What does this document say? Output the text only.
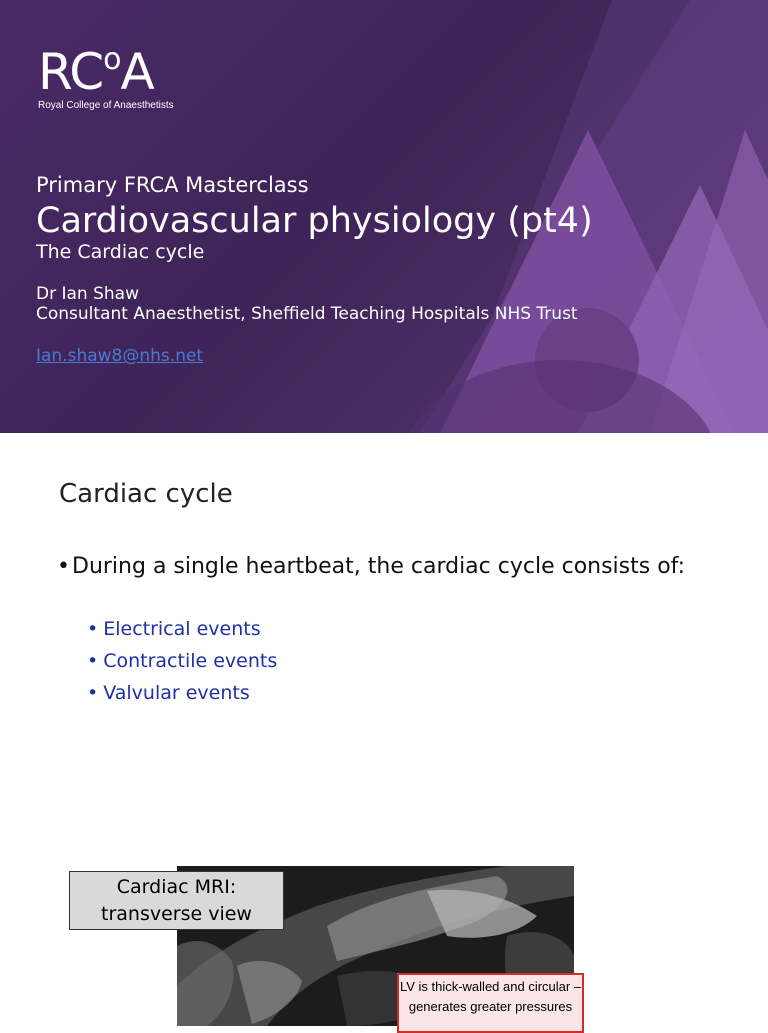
$RC^oA$
Royal College of Anaesthetists
Primary FRCA Masterclass
Cardiovascular physiology (pt4)
The Cardiac cycle
Dr Ian Shaw
Consultant Anaesthetist, Sheffield Teaching Hospitals NHS Trust
Ian.shaw8@nhs.net
Cardiac cycle
• During a single heartbeat, the cardiac cycle consists of:
• Electrical events
• Contractile events
• Valvular events
Cardiac MRI: transverse view
LV is thick-walled and circular – generates greater pressures
